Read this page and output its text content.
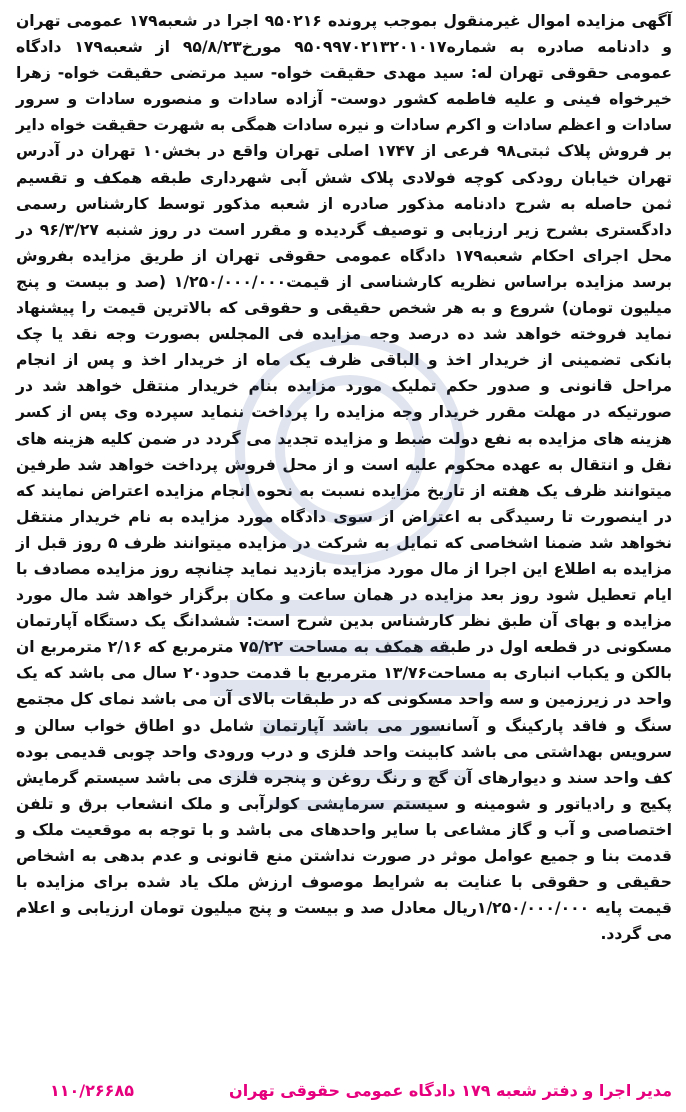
آگهی مزایده اموال غیرمنقول بموجب پرونده ۹۵۰۲۱۶ اجرا در شعبه۱۷۹ عمومی تهران و دادنامه صادره به شماره۹۵۰۹۹۷۰۲۱۳۲۰۱۰۱۷ مورخ۹۵/۸/۲۳ از شعبه۱۷۹ دادگاه عمومی حقوقی تهران له: سید مهدی حقیقت خواه- سید مرتضی حقیقت خواه- زهرا خیرخواه فینی و علیه فاطمه کشور دوست- آزاده سادات و منصوره سادات و سرور سادات و اعظم سادات و اکرم سادات و نیره سادات همگی به شهرت حقیقت خواه دایر بر فروش پلاک ثبتی۹۸ فرعی از ۱۷۴۷ اصلی تهران واقع در بخش۱۰ تهران در آدرس تهران خیابان رودکی کوچه فولادی پلاک شش آبی شهرداری طبقه همکف و تقسیم ثمن حاصله به شرح دادنامه مذکور صادره از شعبه مذکور توسط کارشناس رسمی دادگستری بشرح زیر ارزیابی و توصیف گردیده و مقرر است در روز شنبه ۹۶/۳/۲۷ در محل اجرای احکام شعبه۱۷۹ دادگاه عمومی حقوقی تهران از طریق مزایده بفروش برسد مزایده براساس نظریه کارشناسی از قیمت۱/۲۵۰/۰۰۰/۰۰۰ (صد و بیست و پنج میلیون تومان) شروع و به هر شخص حقیقی و حقوقی که بالاترین قیمت را پیشنهاد نماید فروخته خواهد شد ده درصد وجه مزایده فی المجلس بصورت وجه نقد یا چک بانکی تضمینی از خریدار اخذ و الباقی ظرف یک ماه از خریدار اخذ و پس از انجام مراحل قانونی و صدور حکم تملیک مورد مزایده بنام خریدار منتقل خواهد شد در صورتیکه در مهلت مقرر خریدار وجه مزایده را پرداخت ننماید سپرده وی پس از کسر هزینه های مزایده به نفع دولت ضبط و مزایده تجدید می گردد در ضمن کلیه هزینه های نقل و انتقال به عهده محکوم علیه است و از محل فروش پرداخت خواهد شد طرفین میتوانند ظرف یک هفته از تاریخ مزایده نسبت به نحوه انجام مزایده اعتراض نمایند که در اینصورت تا رسیدگی به اعتراض از سوی دادگاه مورد مزایده به نام خریدار منتقل نخواهد شد ضمنا اشخاصی که تمایل به شرکت در مزایده میتوانند ظرف ۵ روز قبل از مزایده به اطلاع این اجرا از مال مورد مزایده بازدید نماید چنانچه روز مزایده مصادف با ایام تعطیل شود روز بعد مزایده در همان ساعت و مکان برگزار خواهد شد مال مورد مزایده و بهای آن طبق نظر کارشناس بدین شرح است: ششدانگ یک دستگاه آپارتمان مسکونی در قطعه اول در طبقه همکف به مساحت ۷۵/۲۲ مترمربع که ۲/۱۶ مترمربع ان بالکن و یکباب انباری به مساحت۱۳/۷۶ مترمربع با قدمت حدود۲۰ سال می باشد که یک واحد در زیرزمین و سه واحد مسکونی که در طبقات بالای آن می باشد نمای کل مجتمع سنگ و فاقد پارکینگ و آسانسور می باشد آپارتمان شامل دو اطاق خواب سالن و سرویس بهداشتی می باشد کابینت واحد فلزی و درب ورودی واحد چوبی قدیمی بوده کف واحد سند و دیوارهای آن گچ و رنگ روغن و پنجره فلزی می باشد سیستم گرمایش پکیج و رادیاتور و شومینه و سیستم سرمایشی کولرآبی و ملک انشعاب برق و تلفن اختصاصی و آب و گاز مشاعی با سایر واحدهای می باشد و با توجه به موقعیت ملک و قدمت بنا و جمیع عوامل موثر در صورت نداشتن منع قانونی و عدم بدهی به اشخاص حقیقی و حقوقی با عنایت به شرایط موصوف ارزش ملک یاد شده برای مزایده با قیمت پایه ۱/۲۵۰/۰۰۰/۰۰۰ریال معادل صد و بیست و پنج میلیون تومان ارزیابی و اعلام می گردد.

مدیر اجرا و دفتر شعبه ۱۷۹ دادگاه عمومی حقوقی تهران
۱۱۰/۲۶۶۸۵
